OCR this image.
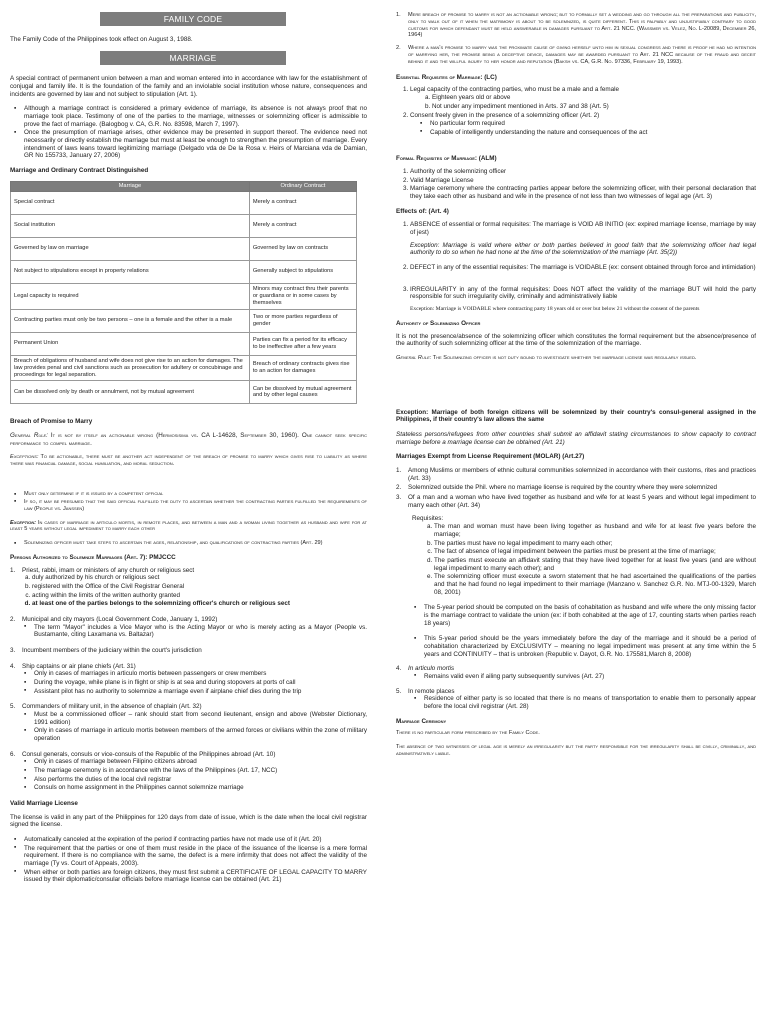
FAMILY CODE

The Family Code of the Philippines took effect on August 3, 1988.

MARRIAGE

A special contract of permanent union between a man and woman entered into in accordance with law for the establishment of conjugal and family life. It is the foundation of the family and an inviolable social institution whose nature, consequences and incidents are governed by law and not subject to stipulation (Art. 1).

▪ Although a marriage contract is considered a primary evidence of marriage, its absence is not always proof that no marriage took place. Testimony of one of the parties to the marriage, witnesses or solemnizing officer is admissible to prove the fact of marriage. (Balogbog v. CA, G.R. No. 83598, March 7, 1997).
▪ Once the presumption of marriage arises, other evidence may be presented in support thereof. The evidence need not necessarily or directly establish the marriage but must at least be enough to strengthen the presumption of marriage. Every intendment of laws leans toward legitimizing marriage (Delgado vda de De la Rosa v. Heirs of Marciana vda de Damian, GR No 155733, January 27, 2006)
Marriage and Ordinary Contract Distinguished
Marriage	Ordinary Contract
Special contract	Merely a contract
Social institution	Merely a contract
Governed by law on marriage	Governed by law on contracts
Not subject to stipulations except in property relations	Generally subject to stipulations
Legal capacity is required	Minors may contract thru their parents or guardians or in some cases by themselves
Contracting parties must only be two persons – one is a female and the other is a male	Two or more parties regardless of gender
Permanent Union	Parties can fix a period for its efficacy to be ineffective after a few years
Breach of obligations of husband and wife does not give rise to an action for damages. The law provides penal and civil sanctions such as prosecution for adultery or concubinage and proceedings for legal separation.	Breach of ordinary contracts gives rise to an action for damages
Can be dissolved only by death or annulment, not by mutual agreement	Can be dissolved by mutual agreement and by other legal causes
Breach of Promise to Marry

General Rule: It is not by itself an actionable wrong (Hermosisima vs. CA L-14628, September 30, 1960). One cannot seek specific performance to compel marriage.

Exceptions: To be actionable, there must be another act independent of the breach of promise to marry which gives rise to liability as where there was financial damage, social humiliation, and moral seduction.

▪ Must only determine if it is issued by a competent official
▪ If so, it may be presumed that the said official fulfilled the duty to ascertain whether the contracting parties fulfilled the requirements of law (People vs. Janssen)

Exception: In cases of marriage in articulo mortis, in remote places, and between a man and a woman living together as husband and wife for at least 5 years without legal impediment to marry each other

▪ Solemnizing officer must take steps to ascertain the ages, relationship, and qualifications of contracting parties (Art. 29)
Persons Authorized to Solemnize Marriages (Art. 7): PMJCCC
1.	Priest, rabbi, imam or ministers of any church or religious sect
a. duly authorized by his church or religious sect
b. registered with the Office of the Civil Registrar General
c. acting within the limits of the written authority granted
d. at least one of the parties belongs to the solemnizing officer's church or religious sect
2.	Municipal and city mayors (Local Government Code, January 1, 1992)
▪ The term "Mayor" includes a Vice Mayor who is the Acting Mayor or who is merely acting as a Mayor (People vs. Bustamante, citing Laxamana vs. Baltazar)
3.	Incumbent members of the judiciary within the court's jurisdiction
4.	Ship captains or air plane chiefs (Art. 31)
▪ Only in cases of marriages in articulo mortis between passengers or crew members
▪ During the voyage, while plane is in flight or ship is at sea and during stopovers at ports of call
▪ Assistant pilot has no authority to solemnize a marriage even if airplane chief dies during the trip
5.	Commanders of military unit, in the absence of chaplain (Art. 32)
▪ Must be a commissioned officer – rank should start from second lieutenant, ensign and above (Webster Dictionary, 1991 edition)
▪ Only in cases of marriage in articulo mortis between members of the armed forces or civilians within the zone of military operation
6.	Consul generals, consuls or vice-consuls of the Republic of the Philippines abroad (Art. 10)
▪ Only in cases of marriage between Filipino citizens abroad
▪ The marriage ceremony is in accordance with the laws of the Philippines (Art. 17, NCC)
▪ Also performs the duties of the local civil registrar
▪ Consuls on home assignment in the Philippines cannot solemnize marriage
Valid Marriage License

The license is valid in any part of the Philippines for 120 days from date of issue, which is the date when the local civil registrar signed the license.

▪ Automatically canceled at the expiration of the period if contracting parties have not made use of it (Art. 20)
▪ The requirement that the parties or one of them must reside in the place of the issuance of the license is a mere formal requirement. If there is no compliance with the same, the defect is a mere infirmity that does not affect the validity of the marriage (Ty vs. Court of Appeals, 2003).
▪ When either or both parties are foreign citizens, they must first submit a CERTIFICATE OF LEGAL CAPACITY TO MARRY issued by their diplomatic/consular officials before marriage license can be obtained (Art. 21)
1.	Mere breach of promise to marry is not an actionable wrong; but to formally set a wedding and go through all the preparations and publicity, only to walk out of it when the matrimony is about to be solemnized, is quite different. This is palpably and unjustifiably contrary to good customs for which defendant must be held answerable in damages pursuant to Art. 21 NCC. (Wassmer vs. Velez, No. L-20089, December 26, 1964)
2.	Where a man's promise to marry was the proximate cause of giving herself unto him in sexual congress and there is proof he had no intention of marrying her, the promise being a deceptive device, damages may be awarded pursuant to Art. 21 NCC because of the fraud and deceit behind it and the willful injury to her honor and reputation (Baksh vs. CA, G.R. No. 97336, February 19, 1993).
Essential Requisites of Marriage: (LC)
1. Legal capacity of the contracting parties, who must be a male and a female
a. Eighteen years old or above
b. Not under any impediment mentioned in Arts. 37 and 38 (Art. 5)
2. Consent freely given in the presence of a solemnizing officer (Art. 2)
▪ No particular form required
▪ Capable of intelligently understanding the nature and consequences of the act
Formal Requisites of Marriage: (ALM)
1. Authority of the solemnizing officer
2. Valid Marriage License
3. Marriage ceremony where the contracting parties appear before the solemnizing officer, with their personal declaration that they take each other as husband and wife in the presence of not less than two witnesses of legal age (Art. 3)
Effects of: (Art. 4)
1. ABSENCE of essential or formal requisites: The marriage is VOID AB INITIO (ex: expired marriage license, marriage by way of jest)

Exception: Marriage is valid where either or both parties believed in good faith that the solemnizing officer had legal authority to do so when he had none at the time of the solemnization of the marriage (Art. 35(2))

2. DEFECT in any of the essential requisites: The marriage is VOIDABLE (ex: consent obtained through force and intimidation)
3. IRREGULARITY in any of the formal requisites: Does NOT affect the validity of the marriage BUT will hold the party responsible for such irregularity civilly, criminally and administratively liable

Exception: Marriage is VOIDABLE where contracting party 18 years old or over but below 21 without the consent of the parents

Authority of Solemnizing Officer

It is not the presence/absence of the solemnizing officer which constitutes the formal requirement but the absence/presence of the authority of such solemnizing officer at the time of the solemnization of the marriage.

General Rule: The Solemnizing officer is not duty bound to investigate whether the marriage license was regularly issued.

Exception: Marriage of both foreign citizens will be solemnized by their country's consul-general assigned in the Philippines, if their country's law allows the same

Stateless persons/refugees from other countries shall submit an affidavit stating circumstances to show capacity to contract marriage before a marriage license can be obtained (Art. 21)

Marriages Exempt from License Requirement (MOLAR) (Art.27)
1.	Among Muslims or members of ethnic cultural communities solemnized in accordance with their customs, rites and practices (Art. 33)
2.	Solemnized outside the Phil. where no marriage license is required by the country where they were solemnized
3.	Of a man and a woman who have lived together as husband and wife for at least 5 years and without legal impediment to marry each other (Art. 34)
Requisites:
a. The man and woman must have been living together as husband and wife for at least five years before the marriage;
b. The parties must have no legal impediment to marry each other;
c. The fact of absence of legal impediment between the parties must be present at the time of marriage;
d. The parties must execute an affidavit stating that they have lived together for at least five years (and are without legal impediment to marry each other); and
e. The solemnizing officer must execute a sworn statement that he had ascertained the qualifications of the parties and that he had found no legal impediment to their marriage (Manzano v. Sanchez G.R. No. MTJ-00-1329, March 08, 2001)
▪ The 5-year period should be computed on the basis of cohabitation as husband and wife where the only missing factor is the marriage contract to validate the union (ex: if both cohabited at the age of 17, counting starts when parties reach 18 years)
▪ This 5-year period should be the years immediately before the day of the marriage and it should be a period of cohabitation characterized by EXCLUSIVITY – meaning no legal impediment was present at any time within the 5 years and CONTINUITY – that is unbroken (Republic v. Dayot, G.R. No. 175581,March 8, 2008)
4.	In articulo mortis
▪ Remains valid even if ailing party subsequently survives (Art. 27)
5.	In remote places
▪ Residence of either party is so located that there is no means of transportation to enable them to personally appear before the local civil registrar (Art. 28)
Marriage Ceremony

There is no particular form prescribed by the Family Code.

The absence of two witnesses of legal age is merely an irregularity but the party responsible for the irregularity shall be civilly, criminally, and administratively liable.
